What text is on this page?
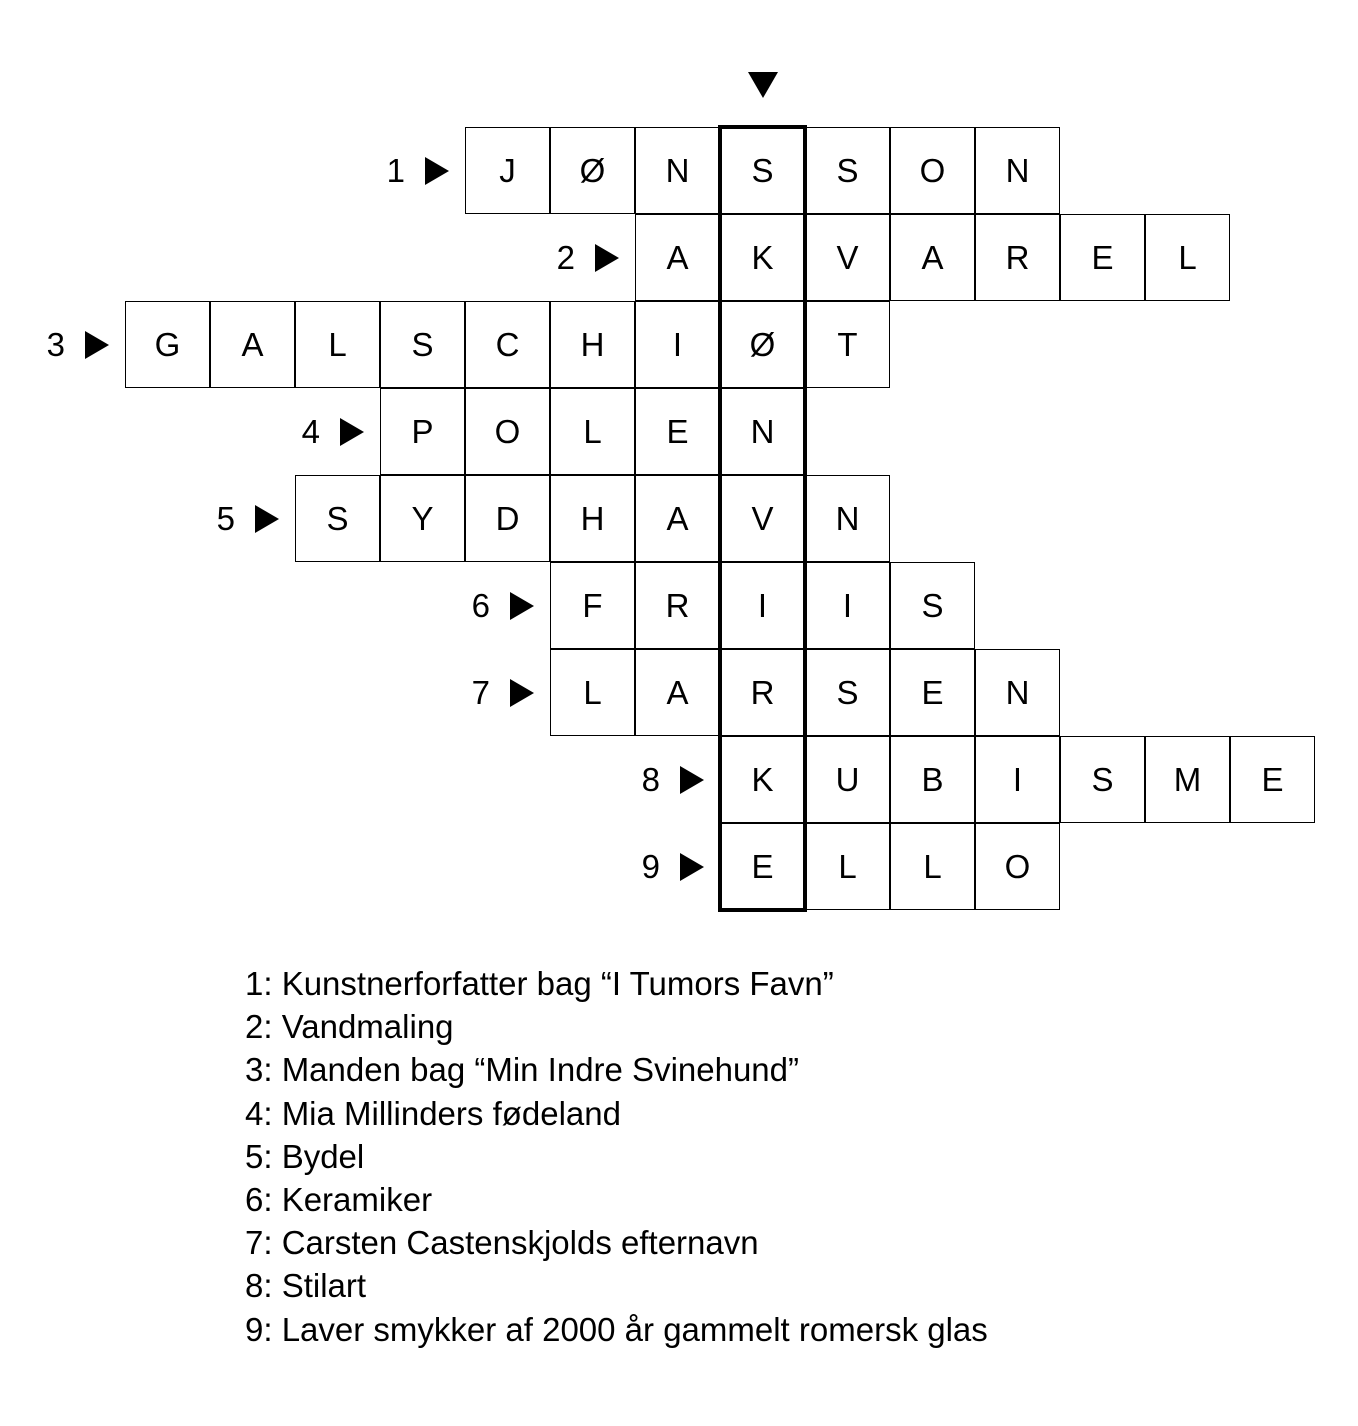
1	J	Ø	N	S	S	O	N
2	A	K	V	A	R	E	L
3	G	A	L	S	C	H	I	Ø	T
4	P	O	L	E	N
5	S	Y	D	H	A	V	N
6	F	R	I	I	S
7	L	A	R	S	E	N
8	K	U	B	I	S	M	E
9	E	L	L	O
1: Kunstnerforfatter bag “I Tumors Favn”
2: Vandmaling
3: Manden bag “Min Indre Svinehund”
4: Mia Millinders fødeland
5: Bydel
6: Keramiker
7: Carsten Castenskjolds efternavn
8: Stilart
9: Laver smykker af 2000 år gammelt romersk glas
